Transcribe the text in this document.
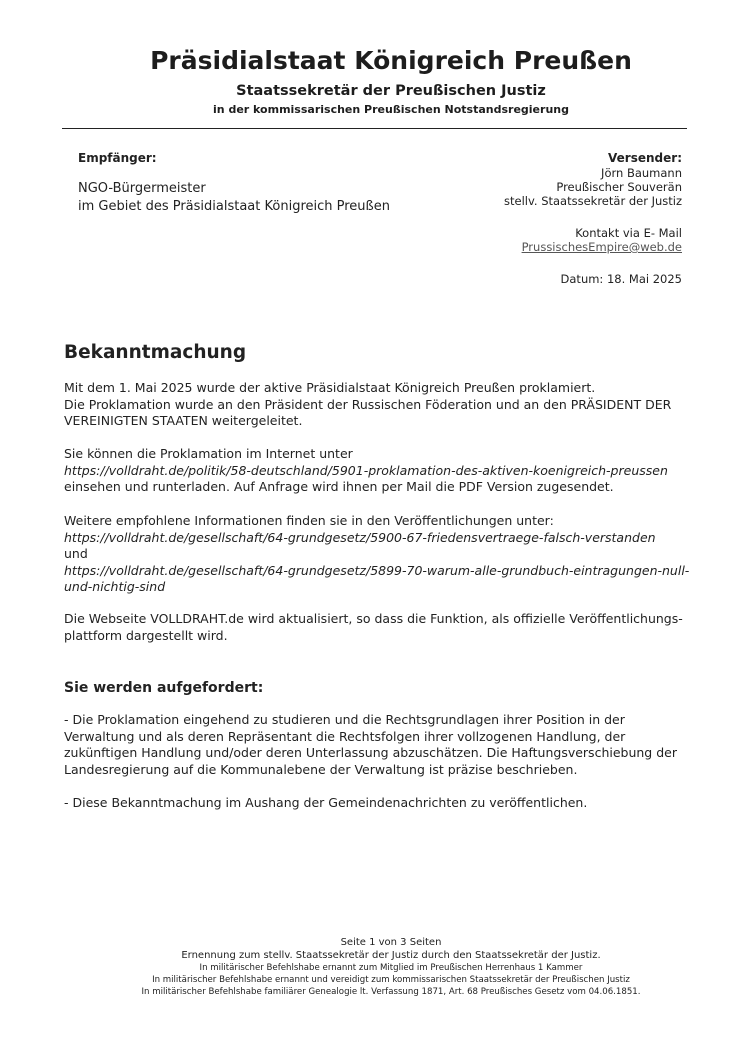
Präsidialstaat Königreich Preußen
Staatssekretär der Preußischen Justiz
in der kommissarischen Preußischen Notstandsregierung
Empfänger:
NGO-Bürgermeister
im Gebiet des Präsidialstaat Königreich Preußen
Versender:
Jörn Baumann
Preußischer Souverän
stellv. Staatssekretär der Justiz
Kontakt via E- Mail
PrussischesEmpire@web.de
Datum: 18. Mai 2025
Bekanntmachung
Mit dem 1. Mai 2025 wurde der aktive Präsidialstaat Königreich Preußen proklamiert.
Die Proklamation wurde an den Präsident der Russischen Föderation und an den PRÄSIDENT DER VEREINIGTEN STAATEN weitergeleitet.
Sie können die Proklamation im Internet unter
https://volldraht.de/politik/58-deutschland/5901-proklamation-des-aktiven-koenigreich-preussen
einsehen und runterladen. Auf Anfrage wird ihnen per Mail die PDF Version zugesendet.
Weitere empfohlene Informationen finden sie in den Veröffentlichungen unter:
https://volldraht.de/gesellschaft/64-grundgesetz/5900-67-friedensvertraege-falsch-verstanden
und
https://volldraht.de/gesellschaft/64-grundgesetz/5899-70-warum-alle-grundbuch-eintragungen-null-und-nichtig-sind
Die Webseite VOLLDRAHT.de wird aktualisiert, so dass die Funktion, als offizielle Veröffentlichungs- plattform dargestellt wird.
Sie werden aufgefordert:
- Die Proklamation eingehend zu studieren und die Rechtsgrundlagen ihrer Position in der Verwaltung und als deren Repräsentant die Rechtsfolgen ihrer vollzogenen Handlung, der zukünftigen Handlung und/oder deren Unterlassung abzuschätzen. Die Haftungsverschiebung der Landesregierung auf die Kommunalebene der Verwaltung ist präzise beschrieben.
- Diese Bekanntmachung im Aushang der Gemeindenachrichten zu veröffentlichen.
Seite 1 von 3 Seiten
Ernennung zum stellv. Staatssekretär der Justiz durch den Staatssekretär der Justiz.
In militärischer Befehlshabe ernannt zum Mitglied im Preußischen Herrenhaus 1 Kammer
In militärischer Befehlshabe ernannt und vereidigt zum kommissarischen Staatssekretär der Preußischen Justiz
In militärischer Befehlshabe familiärer Genealogie lt. Verfassung 1871, Art. 68 Preußisches Gesetz vom 04.06.1851.
